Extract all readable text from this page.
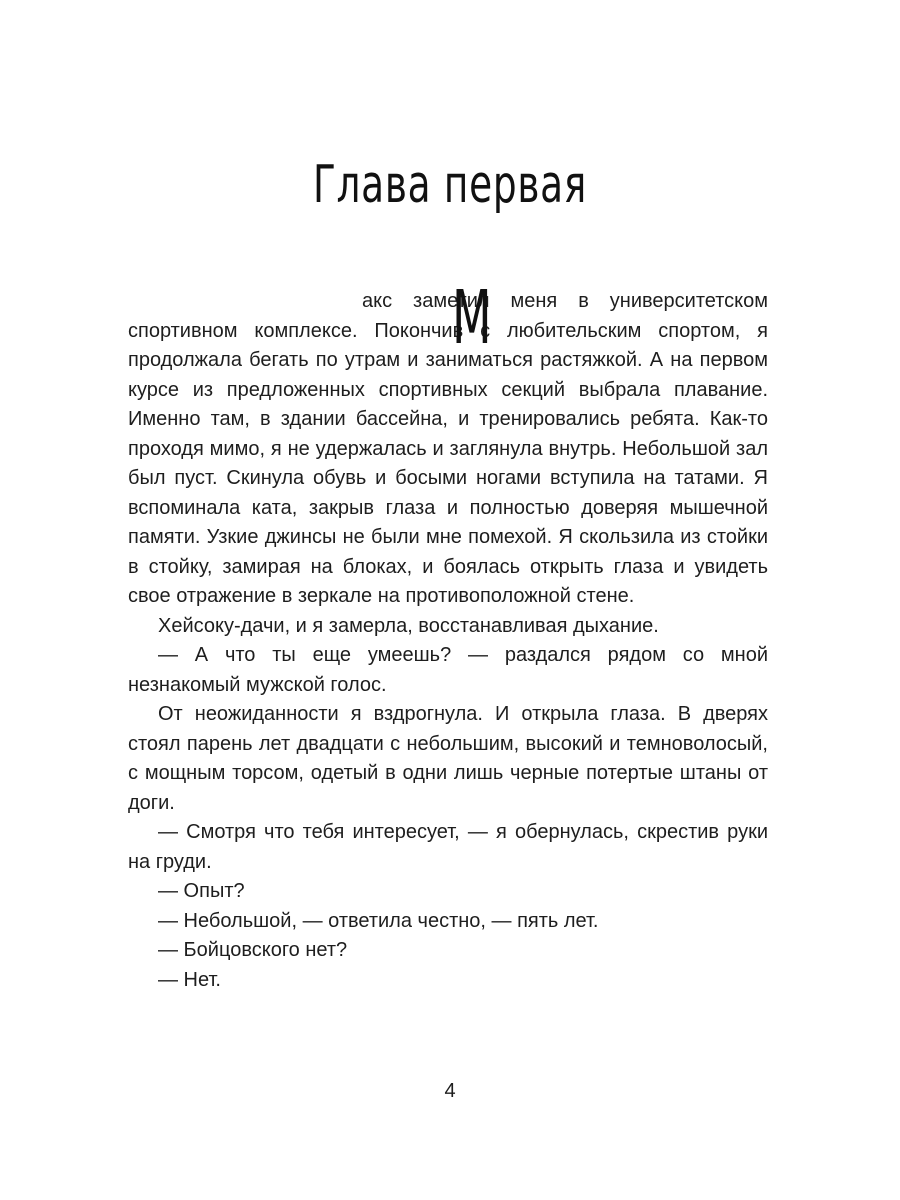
Глава первая

Макс заметил меня в университетском спортивном комплексе. Покончив с любительским спортом, я продолжала бегать по утрам и заниматься растяжкой. А на первом курсе из предложенных спортивных секций выбрала плавание. Именно там, в здании бассейна, и тренировались ребята. Как-то проходя мимо, я не удержалась и заглянула внутрь. Небольшой зал был пуст. Скинула обувь и босыми ногами вступила на татами. Я вспоминала ката, закрыв глаза и полностью доверяя мышечной памяти. Узкие джинсы не были мне помехой. Я скользила из стойки в стойку, замирая на блоках, и боялась открыть глаза и увидеть свое отражение в зеркале на противоположной стене.

Хейсоку-дачи, и я замерла, восстанавливая дыхание.

— А что ты еще умеешь? — раздался рядом со мной незнакомый мужской голос.

От неожиданности я вздрогнула. И открыла глаза. В дверях стоял парень лет двадцати с небольшим, высокий и темноволосый, с мощным торсом, одетый в одни лишь черные потертые штаны от доги.

— Смотря что тебя интересует, — я обернулась, скрестив руки на груди.

— Опыт?

— Небольшой, — ответила честно, — пять лет.

— Бойцовского нет?

— Нет.

4
